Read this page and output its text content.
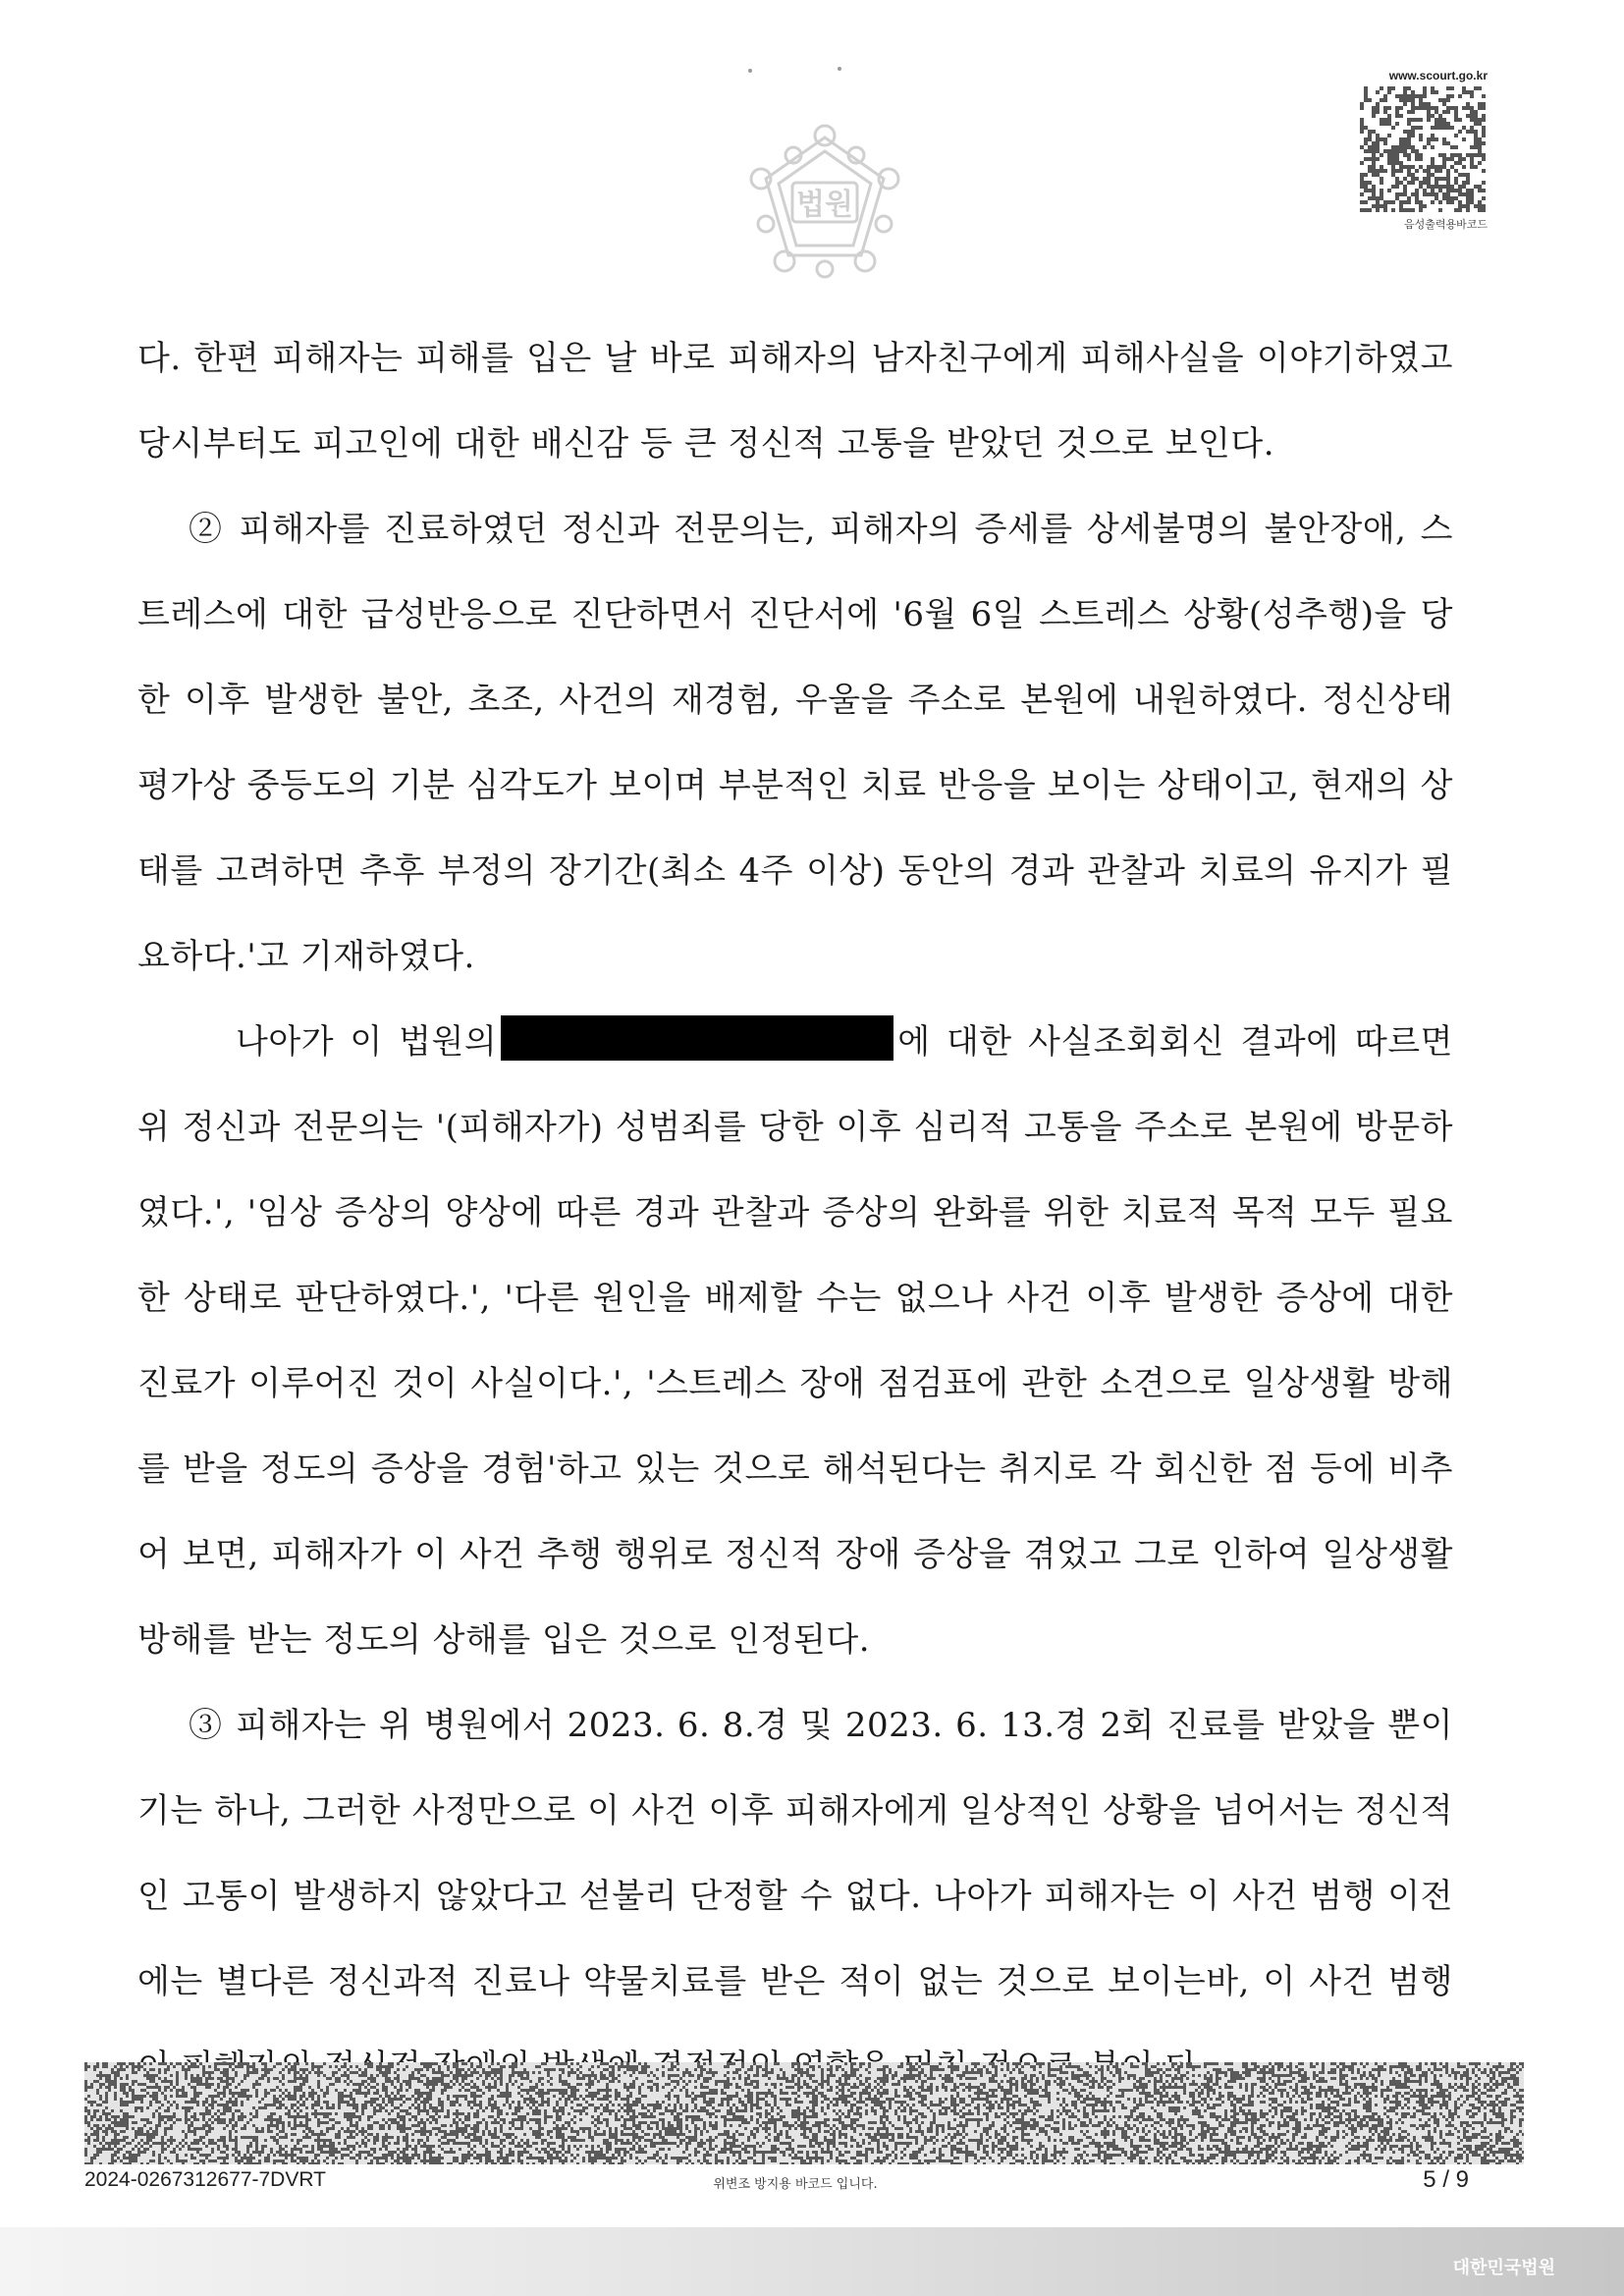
법원
www.scourt.go.kr
음성출력용바코드

다. 한편 피해자는 피해를 입은 날 바로 피해자의 남자친구에게 피해사실을 이야기하였고 당시부터도 피고인에 대한 배신감 등 큰 정신적 고통을 받았던 것으로 보인다.

② 피해자를 진료하였던 정신과 전문의는, 피해자의 증세를 상세불명의 불안장애, 스트레스에 대한 급성반응으로 진단하면서 진단서에 '6월 6일 스트레스 상황(성추행)을 당한 이후 발생한 불안, 초조, 사건의 재경험, 우울을 주소로 본원에 내원하였다. 정신상태 평가상 중등도의 기분 심각도가 보이며 부분적인 치료 반응을 보이는 상태이고, 현재의 상태를 고려하면 추후 부정의 장기간(최소 4주 이상) 동안의 경과 관찰과 치료의 유지가 필요하다.'고 기재하였다.

나아가 이 법원의	에 대한 사실조회회신 결과에 따르면 위 정신과 전문의는 '(피해자가) 성범죄를 당한 이후 심리적 고통을 주소로 본원에 방문하였다.', '임상 증상의 양상에 따른 경과 관찰과 증상의 완화를 위한 치료적 목적 모두 필요한 상태로 판단하였다.', '다른 원인을 배제할 수는 없으나 사건 이후 발생한 증상에 대한 진료가 이루어진 것이 사실이다.', '스트레스 장애 점검표에 관한 소견으로 일상생활 방해를 받을 정도의 증상을 경험'하고 있는 것으로 해석된다는 취지로 각 회신한 점 등에 비추어 보면, 피해자가 이 사건 추행 행위로 정신적 장애 증상을 겪었고 그로 인하여 일상생활 방해를 받는 정도의 상해를 입은 것으로 인정된다.

③ 피해자는 위 병원에서 2023. 6. 8.경 및 2023. 6. 13.경 2회 진료를 받았을 뿐이기는 하나, 그러한 사정만으로 이 사건 이후 피해자에게 일상적인 상황을 넘어서는 정신적인 고통이 발생하지 않았다고 섣불리 단정할 수 없다. 나아가 피해자는 이 사건 범행 이전에는 별다른 정신과적 진료나 약물치료를 받은 적이 없는 것으로 보이는바, 이 사건 범행

2024-0267312677-7DVRT	위변조 방지용 바코드 입니다.	5 / 9
대한민국법원
